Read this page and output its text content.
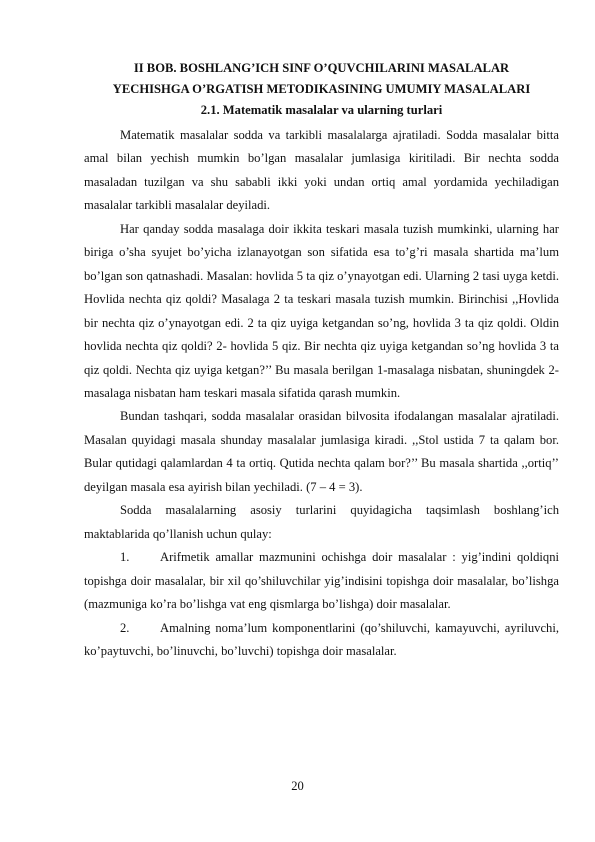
II BOB. BOSHLANG’ICH SINF O’QUVCHILARINI MASALALAR
YECHISHGA O’RGATISH METODIKASINING UMUMIY MASALALARI
2.1. Matematik masalalar va ularning turlari

Matematik masalalar sodda va tarkibli masalalarga ajratiladi. Sodda masalalar bitta amal bilan yechish mumkin bo’lgan masalalar jumlasiga kiritiladi. Bir nechta sodda masaladan tuzilgan va shu sababli ikki yoki undan ortiq amal yordamida yechiladigan masalalar tarkibli masalalar deyiladi.

Har qanday sodda masalaga doir ikkita teskari masala tuzish mumkinki, ularning har biriga o’sha syujet bo’yicha izlanayotgan son sifatida esa to’g’ri masala shartida ma’lum bo’lgan son qatnashadi. Masalan: hovlida 5 ta qiz o’ynayotgan edi. Ularning 2 tasi uyga ketdi. Hovlida nechta qiz qoldi? Masalaga 2 ta teskari masala tuzish mumkin. Birinchisi ,,Hovlida bir nechta qiz o’ynayotgan edi. 2 ta qiz uyiga ketgandan so’ng, hovlida 3 ta qiz qoldi. Oldin hovlida nechta qiz qoldi? 2- hovlida 5 qiz. Bir nechta qiz uyiga ketgandan so’ng hovlida 3 ta qiz qoldi. Nechta qiz uyiga ketgan?’’ Bu masala berilgan 1-masalaga nisbatan, shuningdek 2-masalaga nisbatan ham teskari masala sifatida qarash mumkin.

Bundan tashqari, sodda masalalar orasidan bilvosita ifodalangan masalalar ajratiladi. Masalan quyidagi masala shunday masalalar jumlasiga kiradi. ,,Stol ustida 7 ta qalam bor. Bular qutidagi qalamlardan 4 ta ortiq. Qutida nechta qalam bor?’’ Bu masala shartida ,,ortiq’’ deyilgan masala esa ayirish bilan yechiladi. (7 – 4 = 3).

Sodda masalalarning asosiy turlarini quyidagicha taqsimlash boshlang’ich maktablarida qo’llanish uchun qulay:

1. Arifmetik amallar mazmunini ochishga doir masalalar : yig’indini qoldiqni topishga doir masalalar, bir xil qo’shiluvchilar yig’indisini topishga doir masalalar, bo’lishga (mazmuniga ko’ra bo’lishga vat eng qismlarga bo’lishga) doir masalalar.

2. Amalning noma’lum komponentlarini (qo’shiluvchi, kamayuvchi, ayriluvchi, ko’paytuvchi, bo’linuvchi, bo’luvchi) topishga doir masalalar.

20
